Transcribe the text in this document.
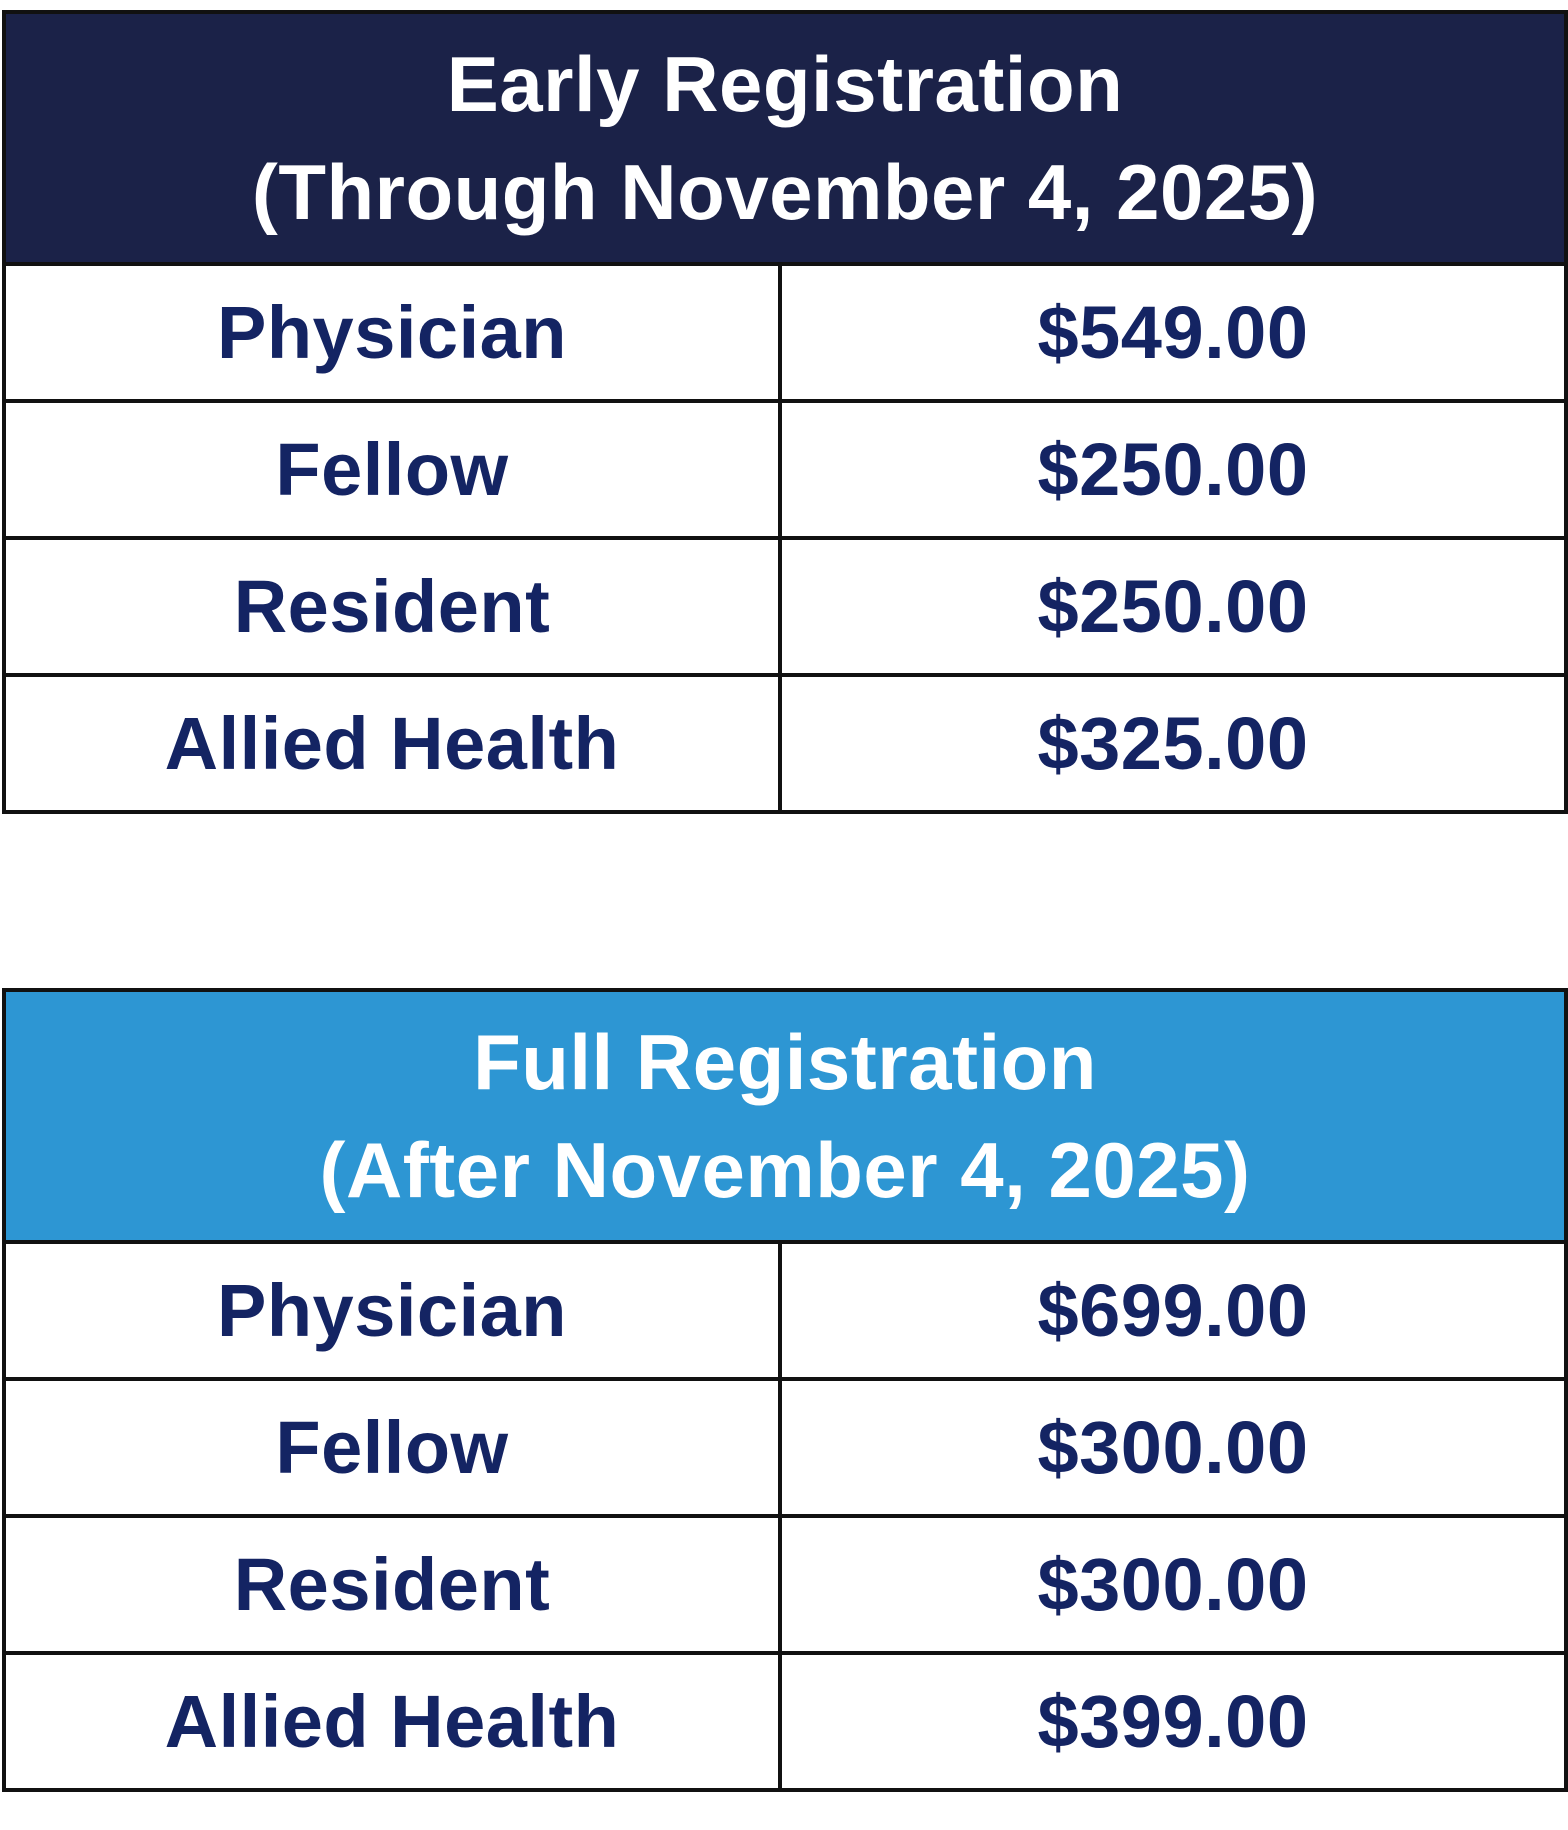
Early Registration
(Through November 4, 2025)
Physician	$549.00
Fellow	$250.00
Resident	$250.00
Allied Health	$325.00
Full Registration
(After November 4, 2025)
Physician	$699.00
Fellow	$300.00
Resident	$300.00
Allied Health	$399.00
